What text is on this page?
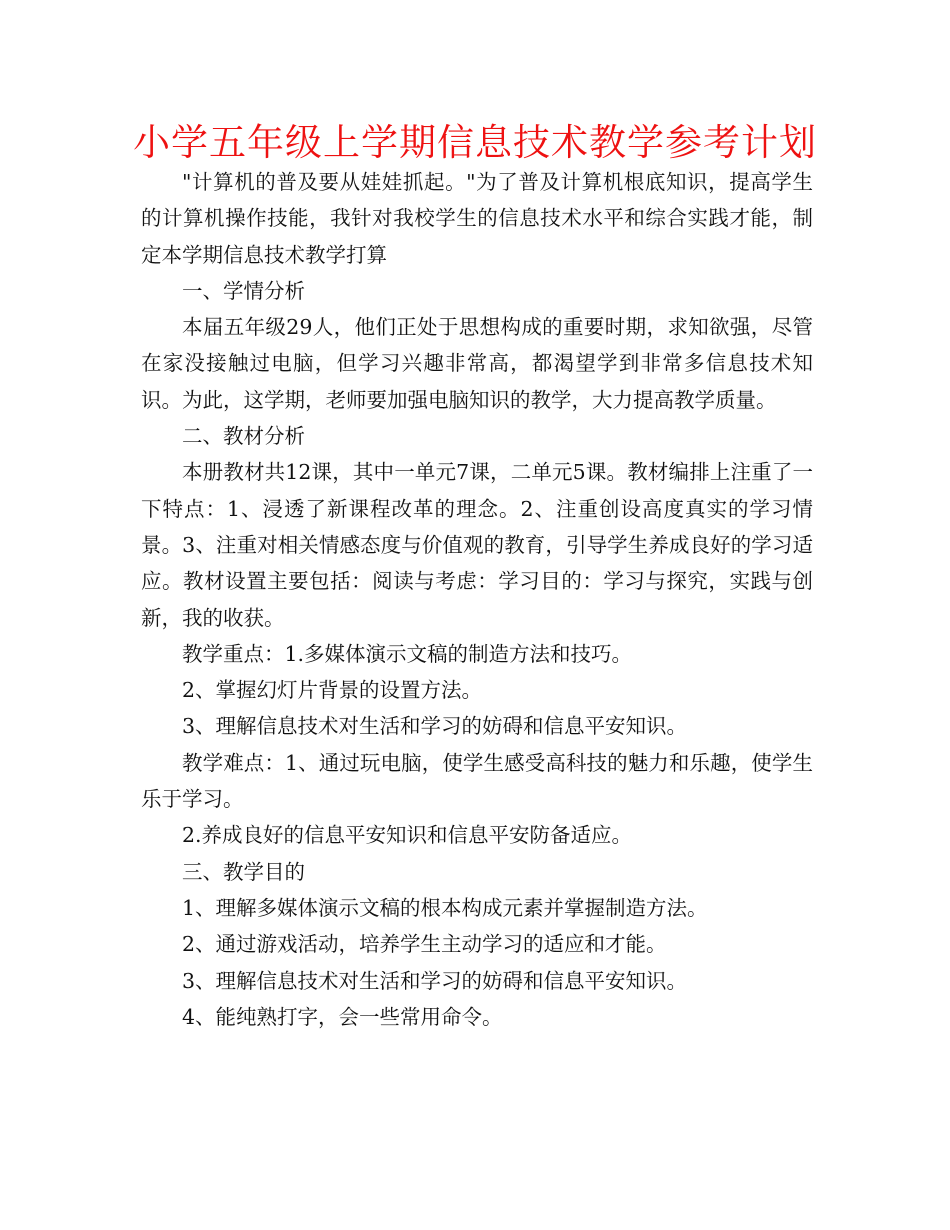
小学五年级上学期信息技术教学参考计划

"计算机的普及要从娃娃抓起。"为了普及计算机根底知识，提高学生的计算机操作技能，我针对我校学生的信息技术水平和综合实践才能，制定本学期信息技术教学打算

一、学情分析

本届五年级29人，他们正处于思想构成的重要时期，求知欲强，尽管在家没接触过电脑，但学习兴趣非常高，都渴望学到非常多信息技术知识。为此，这学期，老师要加强电脑知识的教学，大力提高教学质量。

二、教材分析

本册教材共12课，其中一单元7课，二单元5课。教材编排上注重了一下特点：1、浸透了新课程改革的理念。2、注重创设高度真实的学习情景。3、注重对相关情感态度与价值观的教育，引导学生养成良好的学习适应。教材设置主要包括：阅读与考虑：学习目的：学习与探究，实践与创新，我的收获。

教学重点：1.多媒体演示文稿的制造方法和技巧。

2、掌握幻灯片背景的设置方法。

3、理解信息技术对生活和学习的妨碍和信息平安知识。

教学难点：1、通过玩电脑，使学生感受高科技的魅力和乐趣，使学生乐于学习。

2.养成良好的信息平安知识和信息平安防备适应。

三、教学目的

1、理解多媒体演示文稿的根本构成元素并掌握制造方法。

2、通过游戏活动，培养学生主动学习的适应和才能。

3、理解信息技术对生活和学习的妨碍和信息平安知识。

4、能纯熟打字，会一些常用命令。
